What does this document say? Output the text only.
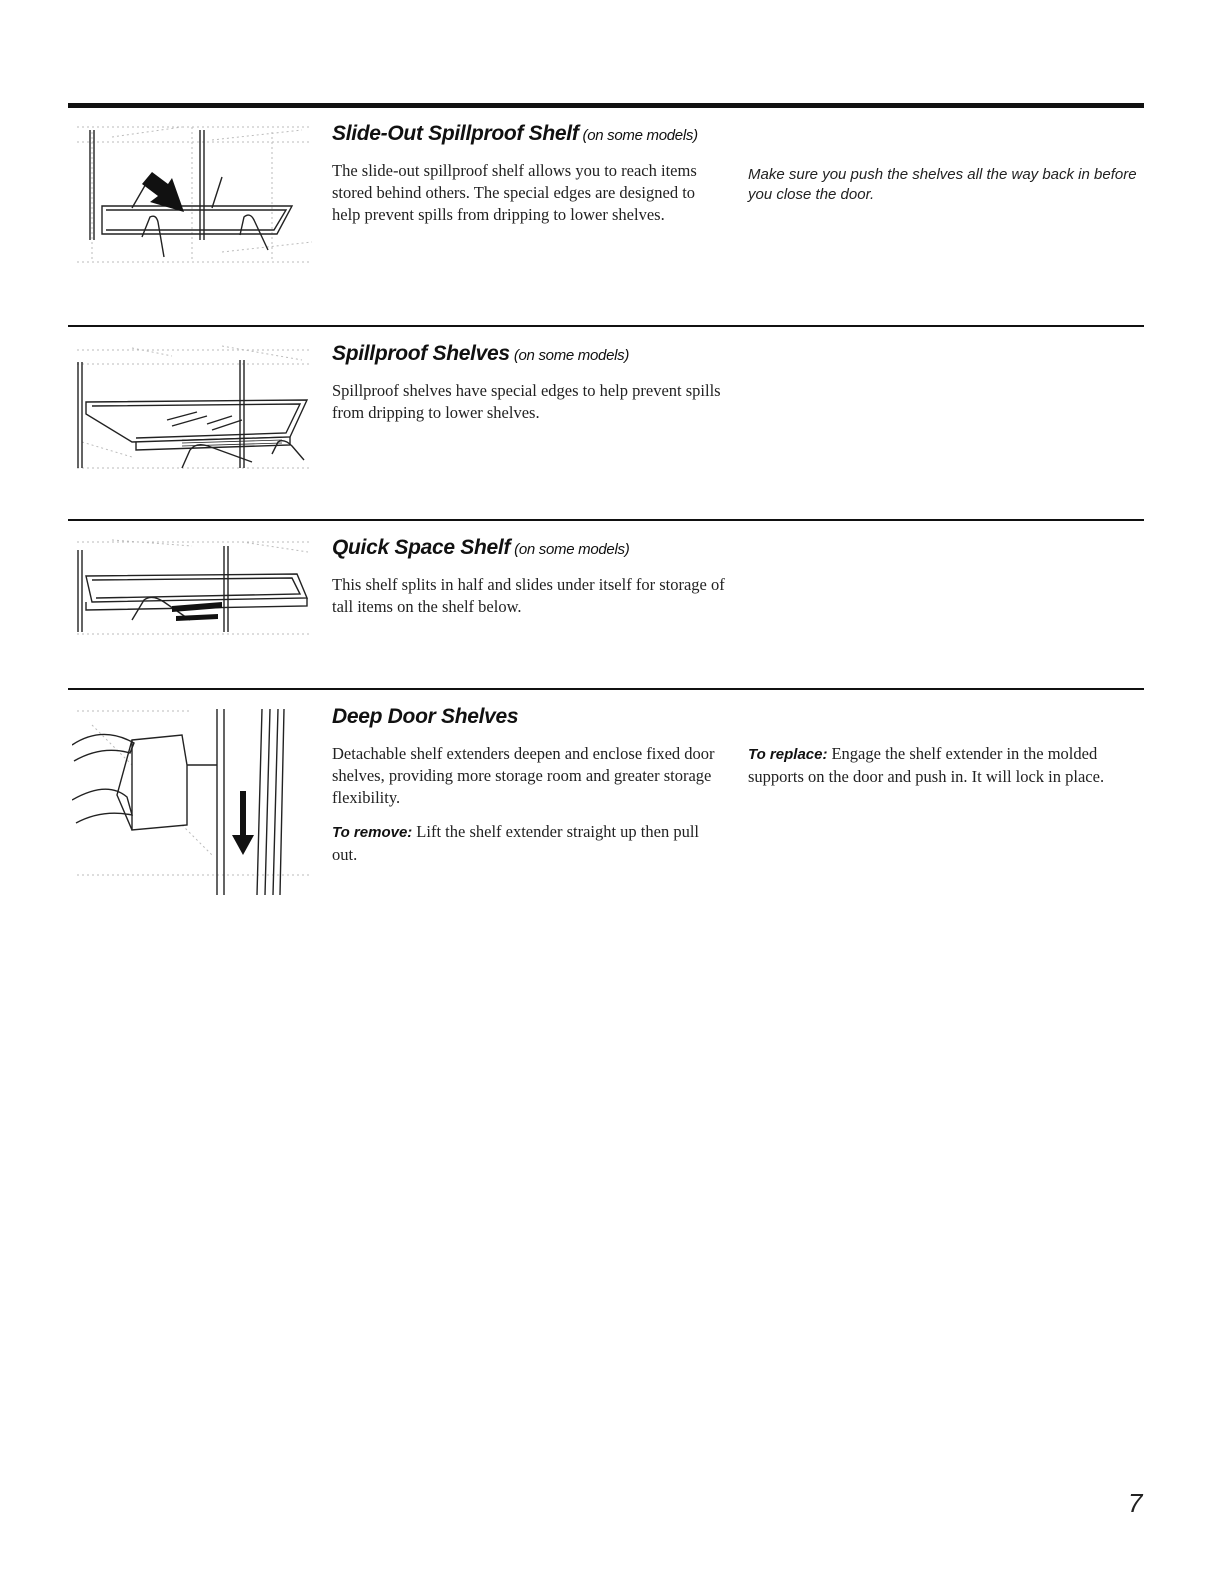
Slide-Out Spillproof Shelf (on some models)

The slide-out spillproof shelf allows you to reach items stored behind others. The special edges are designed to help prevent spills from dripping to lower shelves.

Make sure you push the shelves all the way back in before you close the door.

Spillproof Shelves (on some models)

Spillproof shelves have special edges to help prevent spills from dripping to lower shelves.

Quick Space Shelf (on some models)

This shelf splits in half and slides under itself for storage of tall items on the shelf below.

Deep Door Shelves

Detachable shelf extenders deepen and enclose fixed door shelves, providing more storage room and greater storage flexibility.

To remove: Lift the shelf extender straight up then pull out.

To replace: Engage the shelf extender in the molded supports on the door and push in. It will lock in place.

7
